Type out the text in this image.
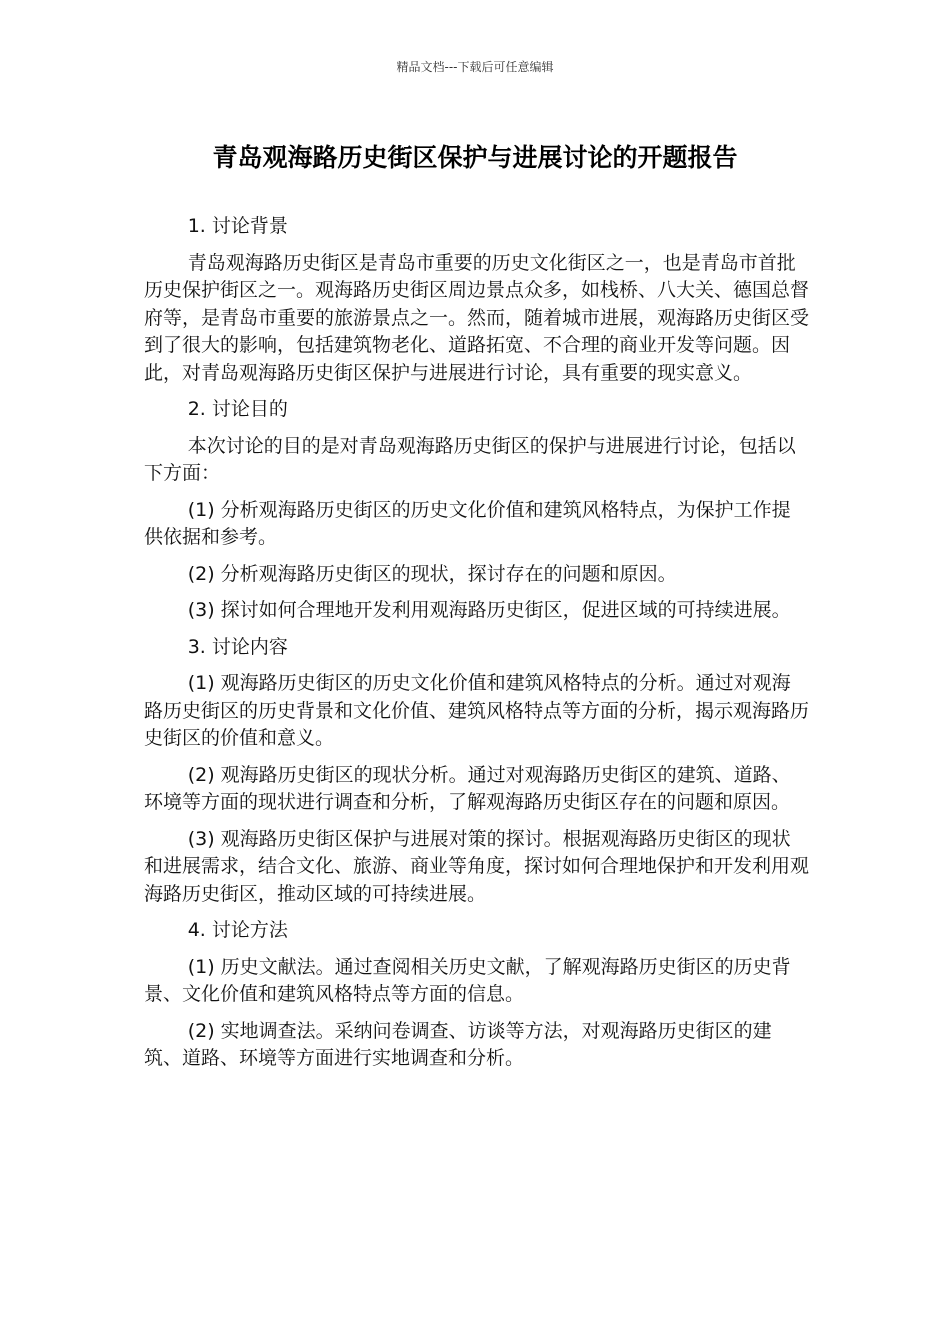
精品文档---下载后可任意编辑
青岛观海路历史街区保护与进展讨论的开题报告

1. 讨论背景

青岛观海路历史街区是青岛市重要的历史文化街区之一，也是青岛市首批历史保护街区之一。观海路历史街区周边景点众多，如栈桥、八大关、德国总督府等，是青岛市重要的旅游景点之一。然而，随着城市进展，观海路历史街区受到了很大的影响，包括建筑物老化、道路拓宽、不合理的商业开发等问题。因此，对青岛观海路历史街区保护与进展进行讨论，具有重要的现实意义。

2. 讨论目的

本次讨论的目的是对青岛观海路历史街区的保护与进展进行讨论，包括以下方面：

(1) 分析观海路历史街区的历史文化价值和建筑风格特点，为保护工作提供依据和参考。

(2) 分析观海路历史街区的现状，探讨存在的问题和原因。

(3) 探讨如何合理地开发利用观海路历史街区，促进区域的可持续进展。

3. 讨论内容

(1) 观海路历史街区的历史文化价值和建筑风格特点的分析。通过对观海路历史街区的历史背景和文化价值、建筑风格特点等方面的分析，揭示观海路历史街区的价值和意义。

(2) 观海路历史街区的现状分析。通过对观海路历史街区的建筑、道路、环境等方面的现状进行调查和分析，了解观海路历史街区存在的问题和原因。

(3) 观海路历史街区保护与进展对策的探讨。根据观海路历史街区的现状和进展需求，结合文化、旅游、商业等角度，探讨如何合理地保护和开发利用观海路历史街区，推动区域的可持续进展。

4. 讨论方法

(1) 历史文献法。通过查阅相关历史文献，了解观海路历史街区的历史背景、文化价值和建筑风格特点等方面的信息。

(2) 实地调查法。采纳问卷调查、访谈等方法，对观海路历史街区的建筑、道路、环境等方面进行实地调查和分析。
